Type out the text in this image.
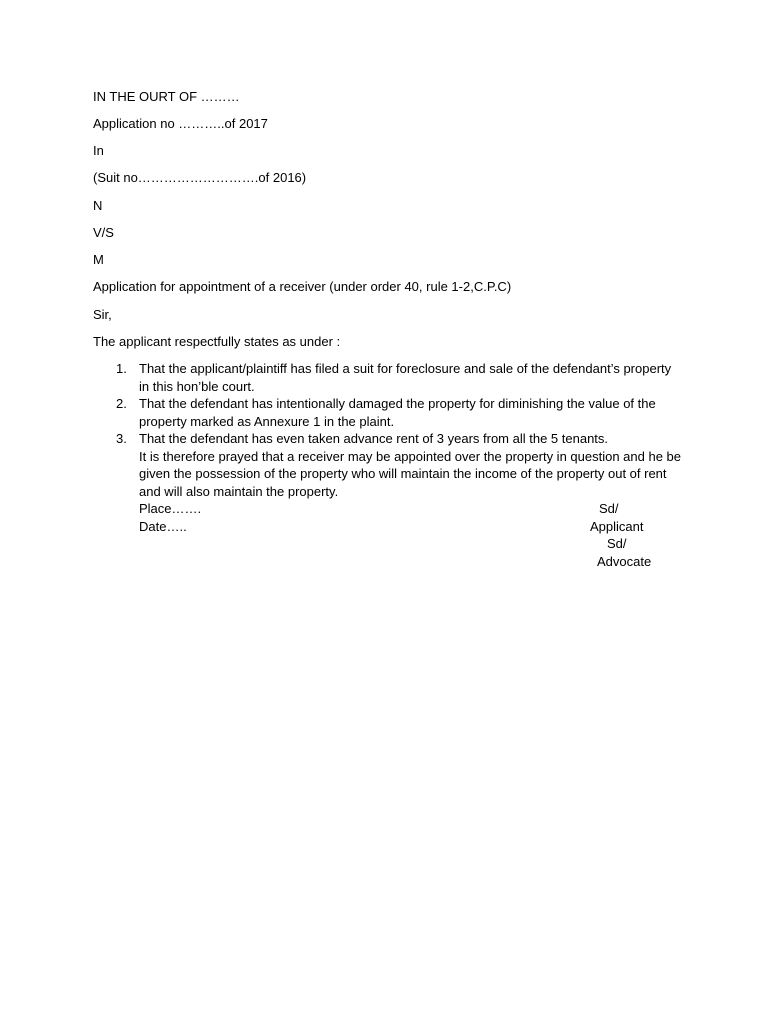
IN THE OURT OF ………
Application no ………..of 2017
In
(Suit no……………………….of 2016)
N
V/S
M
Application for appointment of a receiver (under order 40, rule 1-2,C.P.C)
Sir,
The applicant respectfully states as under :
1. That the applicant/plaintiff has filed a suit for foreclosure and sale of the defendant’s property in this hon’ble court.
2. That the defendant has intentionally damaged the property for diminishing the value of the property marked as Annexure 1 in the plaint.
3. That the defendant has even taken advance rent of 3 years from all the 5 tenants.
It is therefore prayed that a receiver may be appointed over the property in question and he be given the possession of the property who will maintain the income of the property out of rent and will also maintain the property.
Place…….	Sd/
Date…..	Applicant
Sd/
Advocate
